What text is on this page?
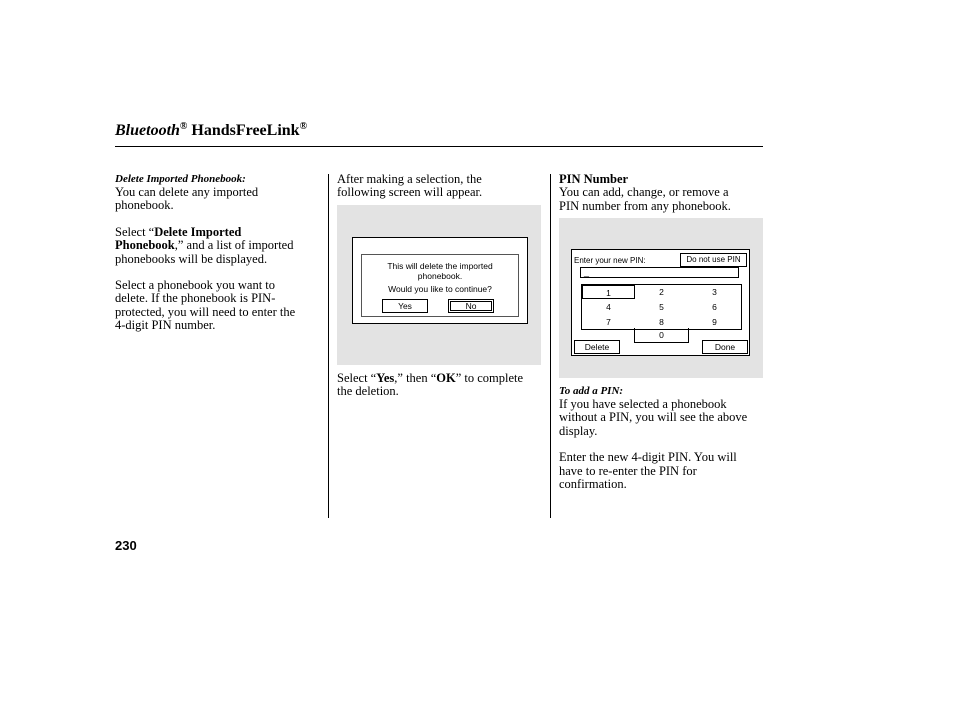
Bluetooth® HandsFreeLink®
Delete Imported Phonebook:
You can delete any imported
phonebook.
Select “Delete Imported
Phonebook,” and a list of imported
phonebooks will be displayed.
Select a phonebook you want to
delete. If the phonebook is PIN-
protected, you will need to enter the
4-digit PIN number.
After making a selection, the
following screen will appear.
This will delete the imported
phonebook.
Would you like to continue?
Yes	No
Select “Yes,” then “OK” to complete
the deletion.
PIN Number
You can add, change, or remove a
PIN number from any phonebook.
Enter your new PIN:	Do not use PIN
_
1	2	3
4	5	6
7	8	9
0
Delete	Done
To add a PIN:
If you have selected a phonebook
without a PIN, you will see the above
display.
Enter the new 4-digit PIN. You will
have to re-enter the PIN for
confirmation.
230
